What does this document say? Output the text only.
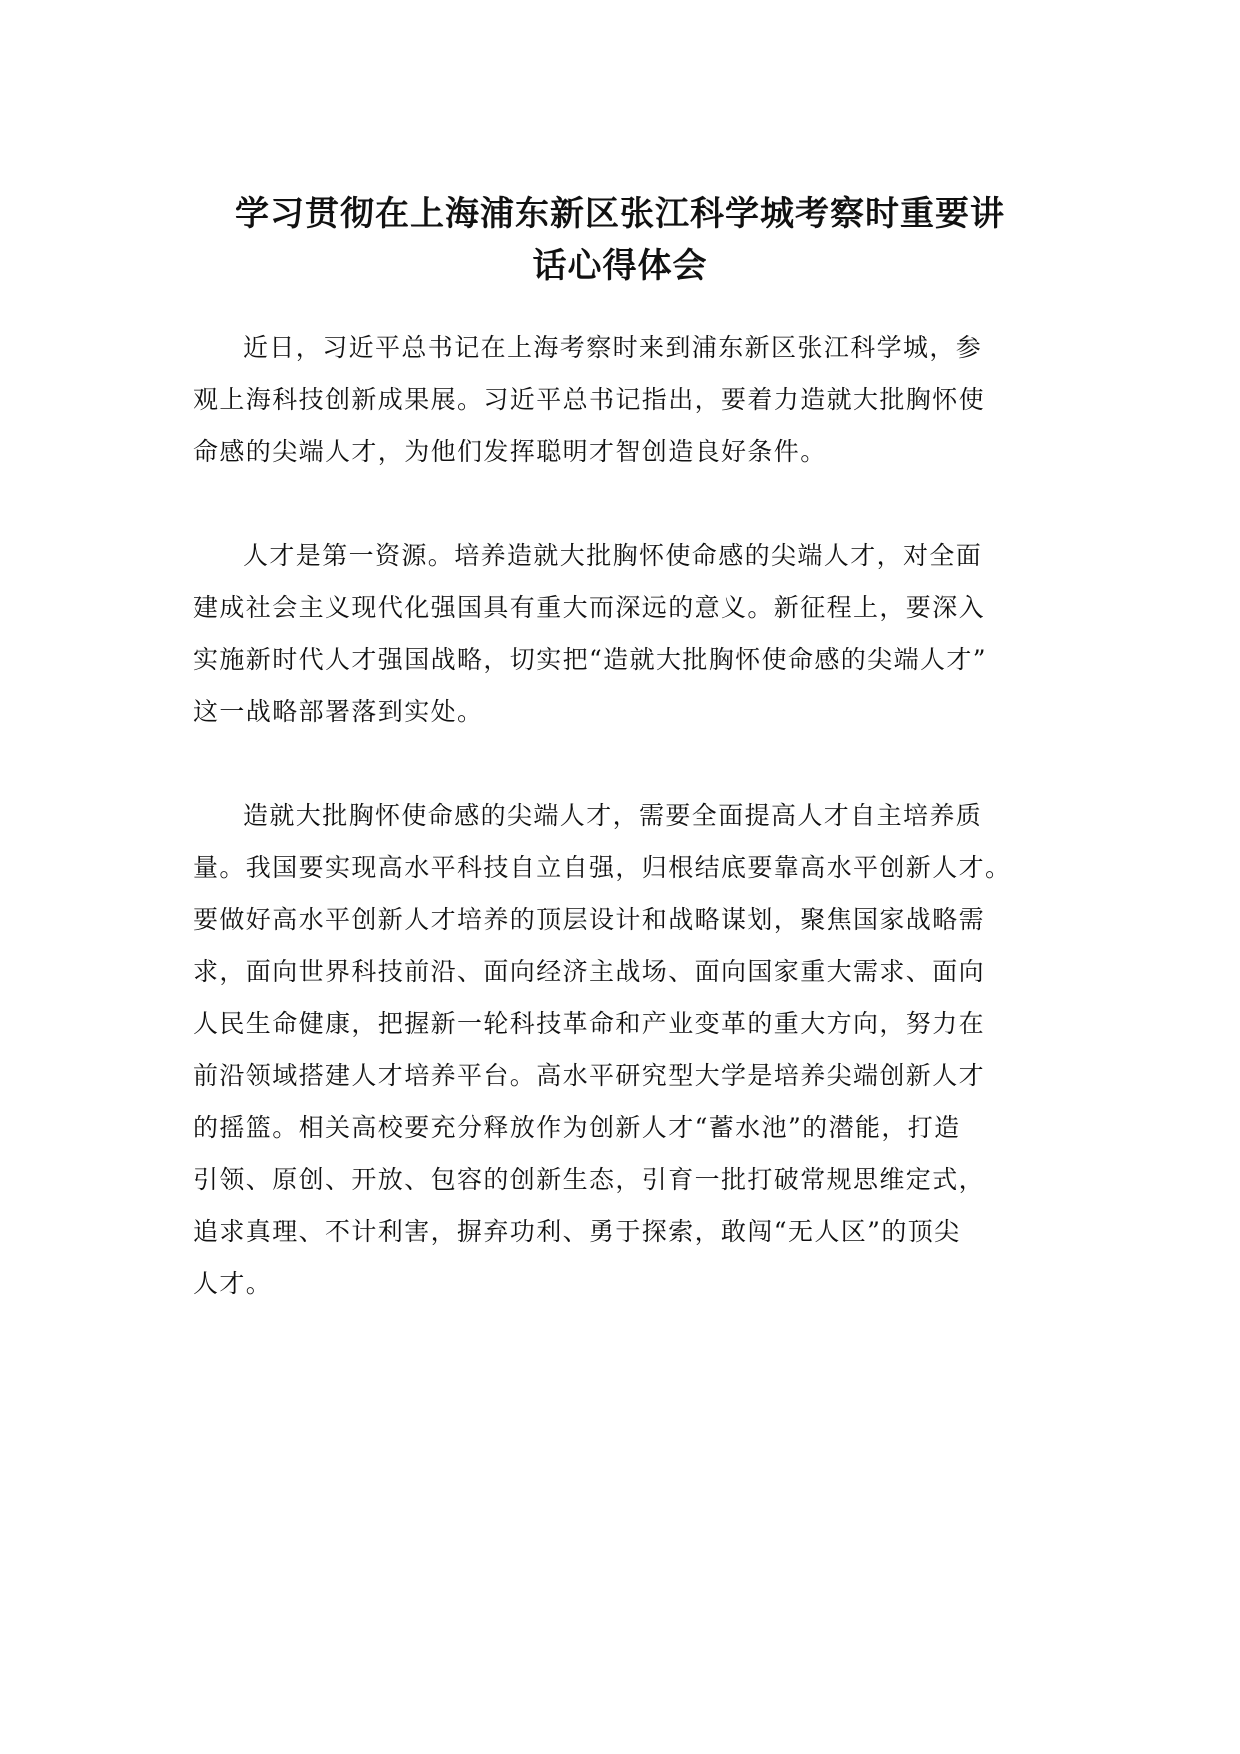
学习贯彻在上海浦东新区张江科学城考察时重要讲
话心得体会
近日，习近平总书记在上海考察时来到浦东新区张江科学城，参
观上海科技创新成果展。习近平总书记指出，要着力造就大批胸怀使
命感的尖端人才，为他们发挥聪明才智创造良好条件。
人才是第一资源。培养造就大批胸怀使命感的尖端人才，对全面
建成社会主义现代化强国具有重大而深远的意义。新征程上，要深入
实施新时代人才强国战略，切实把“造就大批胸怀使命感的尖端人才”
这一战略部署落到实处。
造就大批胸怀使命感的尖端人才，需要全面提高人才自主培养质
量。我国要实现高水平科技自立自强，归根结底要靠高水平创新人才。
要做好高水平创新人才培养的顶层设计和战略谋划，聚焦国家战略需
求，面向世界科技前沿、面向经济主战场、面向国家重大需求、面向
人民生命健康，把握新一轮科技革命和产业变革的重大方向，努力在
前沿领域搭建人才培养平台。高水平研究型大学是培养尖端创新人才
的摇篮。相关高校要充分释放作为创新人才“蓄水池”的潜能，打造
引领、原创、开放、包容的创新生态，引育一批打破常规思维定式，
追求真理、不计利害，摒弃功利、勇于探索，敢闯“无人区”的顶尖
人才。
